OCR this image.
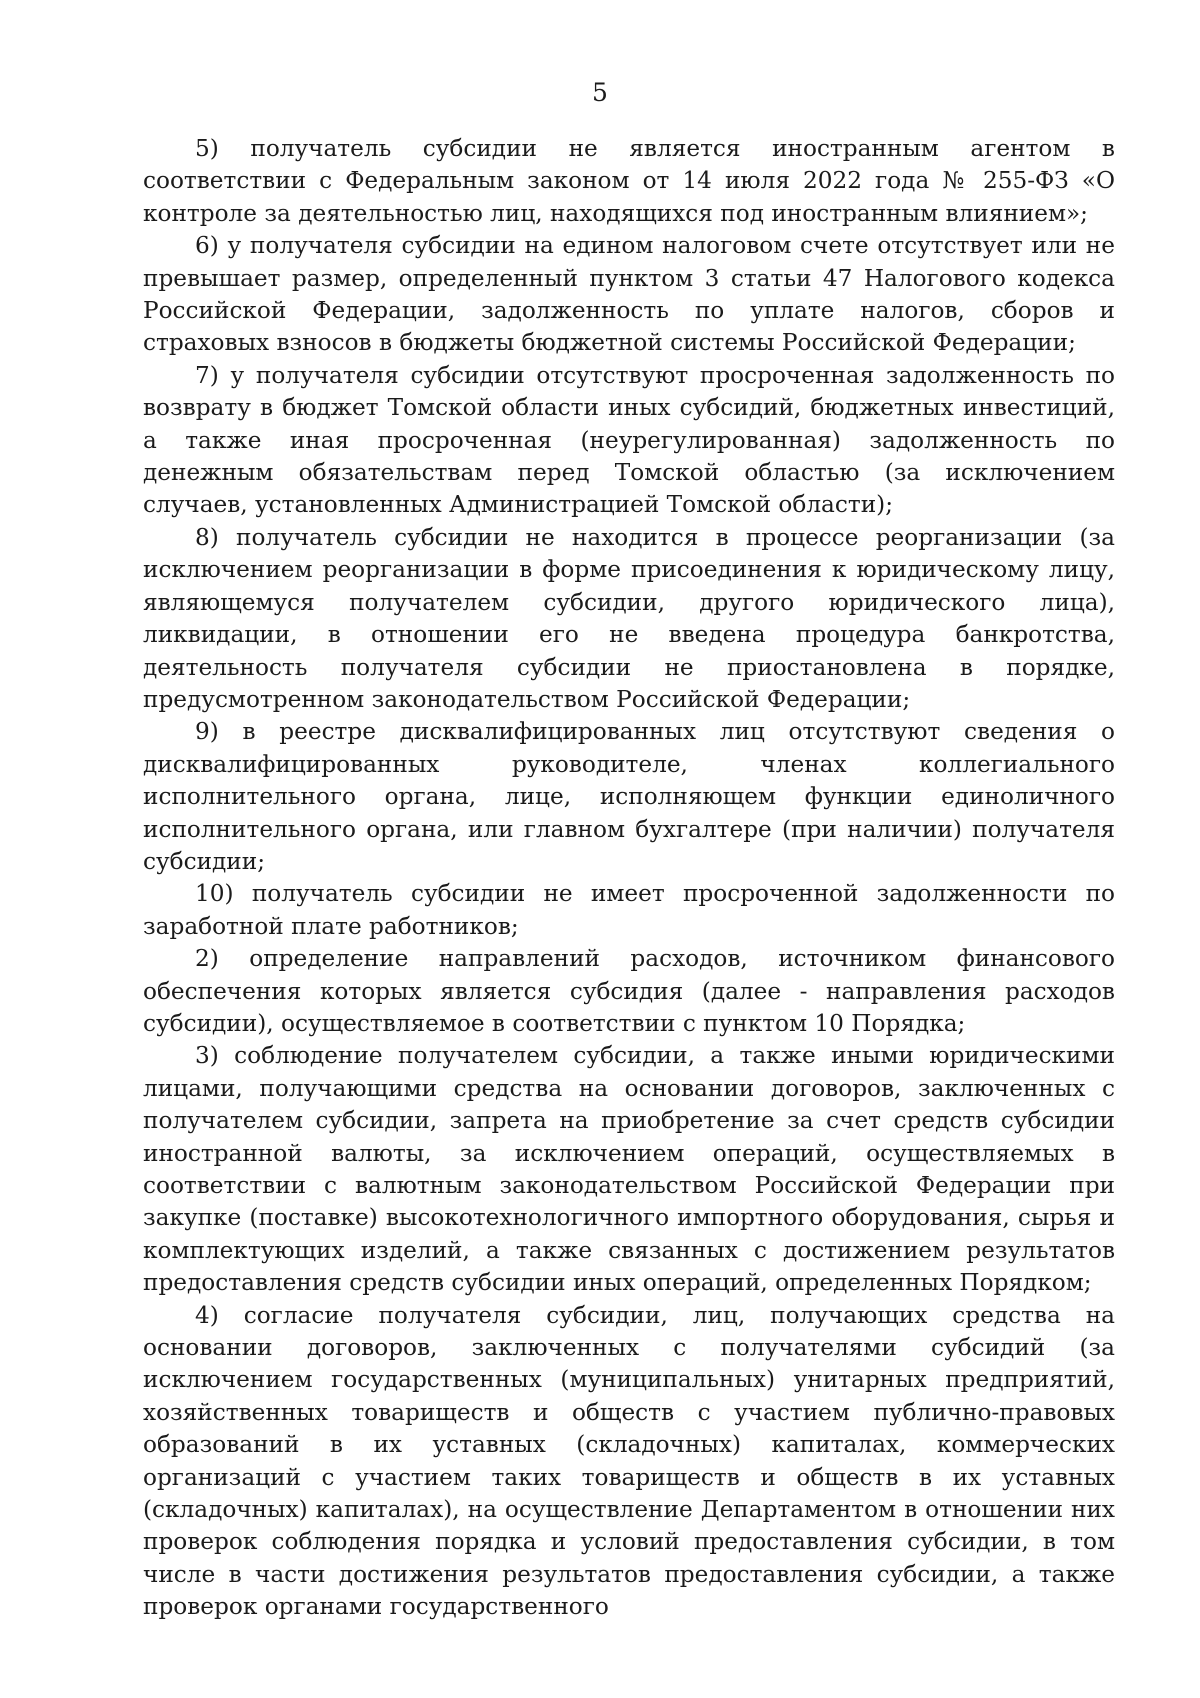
5

5) получатель субсидии не является иностранным агентом в соответствии с Федеральным законом от 14 июля 2022 года № 255-ФЗ «О контроле за деятельностью лиц, находящихся под иностранным влиянием»;

6) у получателя субсидии на едином налоговом счете отсутствует или не превышает размер, определенный пунктом 3 статьи 47 Налогового кодекса Российской Федерации, задолженность по уплате налогов, сборов и страховых взносов в бюджеты бюджетной системы Российской Федерации;

7) у получателя субсидии отсутствуют просроченная задолженность по возврату в бюджет Томской области иных субсидий, бюджетных инвестиций, а также иная просроченная (неурегулированная) задолженность по денежным обязательствам перед Томской областью (за исключением случаев, установленных Администрацией Томской области);

8) получатель субсидии не находится в процессе реорганизации (за исключением реорганизации в форме присоединения к юридическому лицу, являющемуся получателем субсидии, другого юридического лица), ликвидации, в отношении его не введена процедура банкротства, деятельность получателя субсидии не приостановлена в порядке, предусмотренном законодательством Российской Федерации;

9) в реестре дисквалифицированных лиц отсутствуют сведения о дисквалифицированных руководителе, членах коллегиального исполнительного органа, лице, исполняющем функции единоличного исполнительного органа, или главном бухгалтере (при наличии) получателя субсидии;

10) получатель субсидии не имеет просроченной задолженности по заработной плате работников;

2) определение направлений расходов, источником финансового обеспечения которых является субсидия (далее - направления расходов субсидии), осуществляемое в соответствии с пунктом 10 Порядка;

3) соблюдение получателем субсидии, а также иными юридическими лицами, получающими средства на основании договоров, заключенных с получателем субсидии, запрета на приобретение за счет средств субсидии иностранной валюты, за исключением операций, осуществляемых в соответствии с валютным законодательством Российской Федерации при закупке (поставке) высокотехнологичного импортного оборудования, сырья и комплектующих изделий, а также связанных с достижением результатов предоставления средств субсидии иных операций, определенных Порядком;

4) согласие получателя субсидии, лиц, получающих средства на основании договоров, заключенных с получателями субсидий (за исключением государственных (муниципальных) унитарных предприятий, хозяйственных товариществ и обществ с участием публично-правовых образований в их уставных (складочных) капиталах, коммерческих организаций с участием таких товариществ и обществ в их уставных (складочных) капиталах), на осуществление Департаментом в отношении них проверок соблюдения порядка и условий предоставления субсидии, в том числе в части достижения результатов предоставления субсидии, а также проверок органами государственного
